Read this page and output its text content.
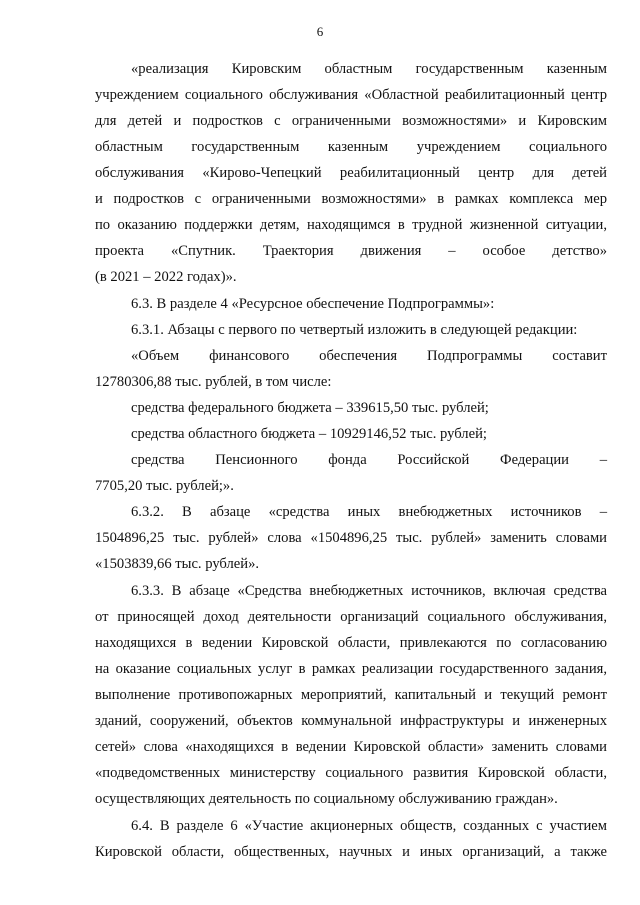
6
«реализация Кировским областным государственным казенным
учреждением социального обслуживания «Областной реабилитационный центр
для детей и подростков с ограниченными возможностями» и Кировским
областным государственным казенным учреждением социального
обслуживания «Кирово-Чепецкий реабилитационный центр для детей
и подростков с ограниченными возможностями» в рамках комплекса мер
по оказанию поддержки детям, находящимся в трудной жизненной ситуации,
проекта «Спутник. Траектория движения – особое детство»
(в 2021 – 2022 годах)».
6.3. В разделе 4 «Ресурсное обеспечение Подпрограммы»:
6.3.1. Абзацы с первого по четвертый изложить в следующей редакции:
«Объем финансового обеспечения Подпрограммы составит
12780306,88 тыс. рублей, в том числе:
средства федерального бюджета – 339615,50 тыс. рублей;
средства областного бюджета – 10929146,52 тыс. рублей;
средства Пенсионного фонда Российской Федерации –
7705,20 тыс. рублей;».
6.3.2. В абзаце «средства иных внебюджетных источников –
1504896,25 тыс. рублей» слова «1504896,25 тыс. рублей» заменить словами
«1503839,66 тыс. рублей».
6.3.3. В абзаце «Средства внебюджетных источников, включая средства
от приносящей доход деятельности организаций социального обслуживания,
находящихся в ведении Кировской области, привлекаются по согласованию
на оказание социальных услуг в рамках реализации государственного задания,
выполнение противопожарных мероприятий, капитальный и текущий ремонт
зданий, сооружений, объектов коммунальной инфраструктуры и инженерных
сетей» слова «находящихся в ведении Кировской области» заменить словами
«подведомственных министерству социального развития Кировской области,
осуществляющих деятельность по социальному обслуживанию граждан».
6.4. В разделе 6 «Участие акционерных обществ, созданных с участием
Кировской области, общественных, научных и иных организаций, а также
